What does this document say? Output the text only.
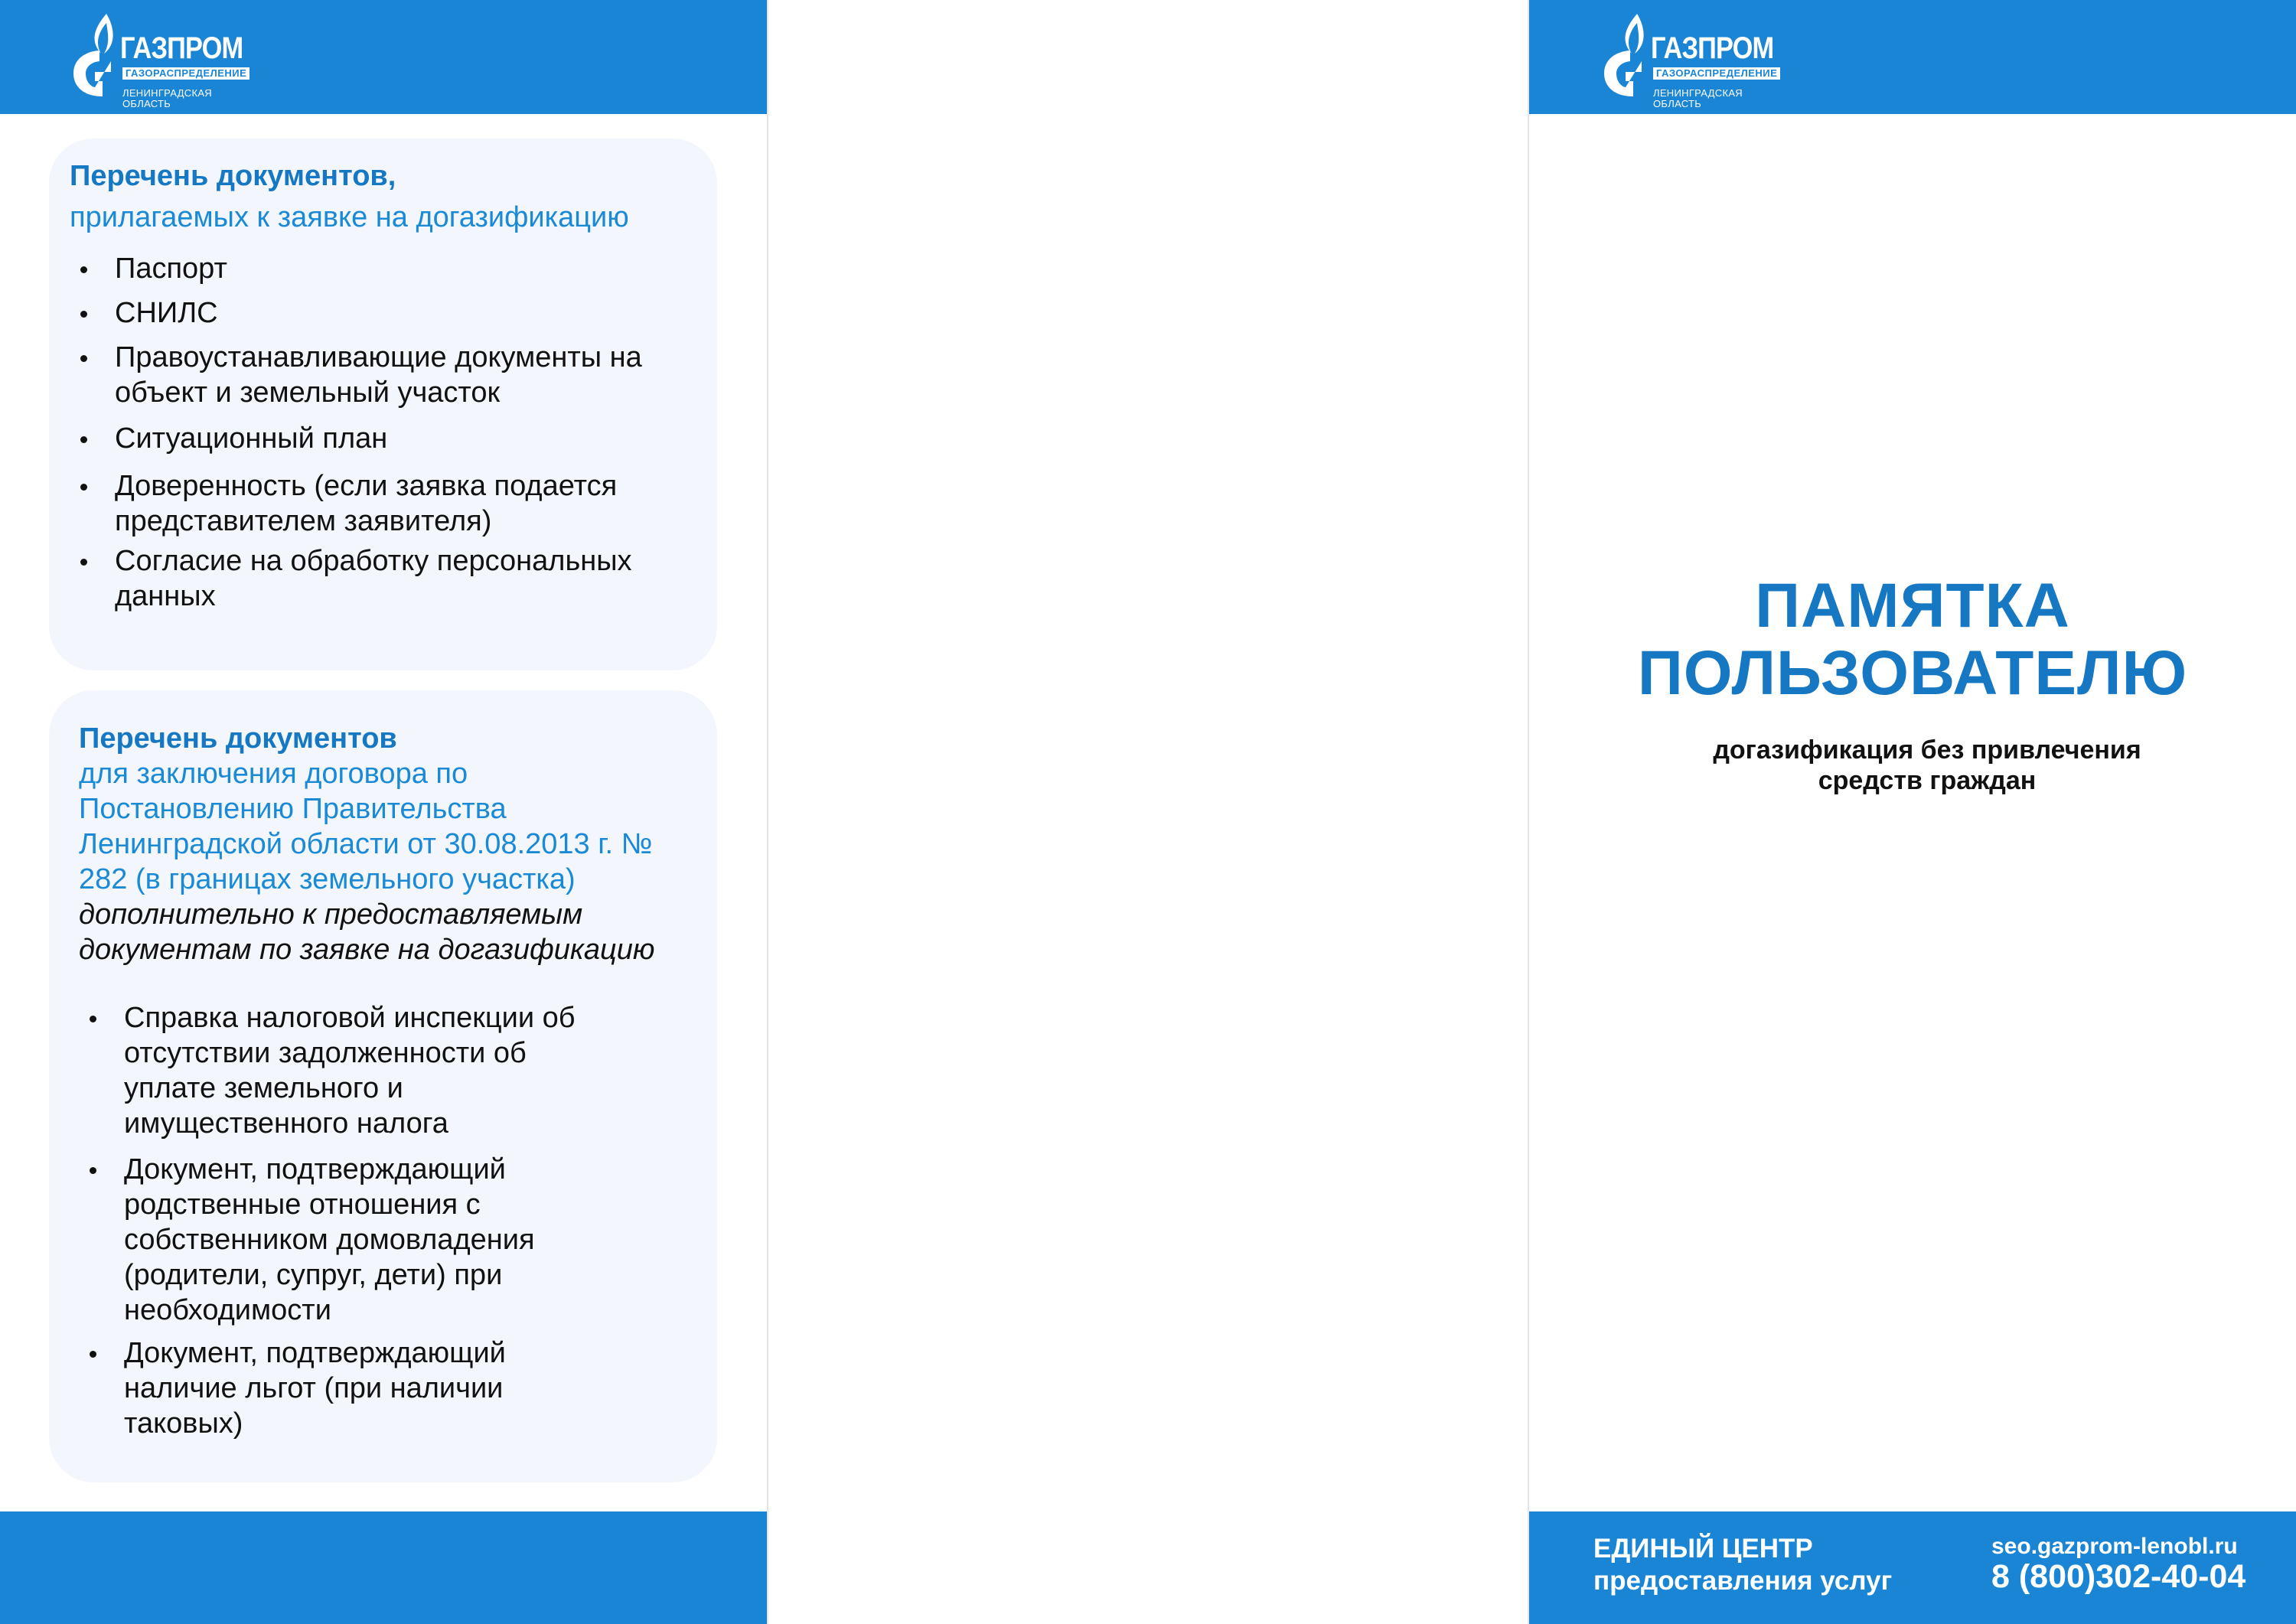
ГАЗПРОМ
ГАЗОРАСПРЕДЕЛЕНИЕ
ЛЕНИНГРАДСКАЯ ОБЛАСТЬ
Перечень документов,
прилагаемых к заявке на догазификацию
Паспорт
СНИЛС
Правоустанавливающие документы на объект и земельный участок
Ситуационный план
Доверенность (если заявка подается представителем заявителя)
Согласие на обработку персональных данных
Перечень документов
для заключения договора по Постановлению Правительства Ленинградской области от 30.08.2013 г. № 282 (в границах земельного участка)
дополнительно к предоставляемым документам по заявке на догазификацию
Справка налоговой инспекции об отсутствии задолженности об уплате земельного и имущественного налога
Документ, подтверждающий родственные отношения с собственником домовладения (родители, супруг, дети) при необходимости
Документ, подтверждающий наличие льгот (при наличии таковых)
ГАЗПРОМ
ГАЗОРАСПРЕДЕЛЕНИЕ
ЛЕНИНГРАДСКАЯ ОБЛАСТЬ
ПАМЯТКА
ПОЛЬЗОВАТЕЛЮ
догазификация без привлечения
средств граждан
ЕДИНЫЙ ЦЕНТР
предоставления услуг
seo.gazprom-lenobl.ru
8 (800)302-40-04
